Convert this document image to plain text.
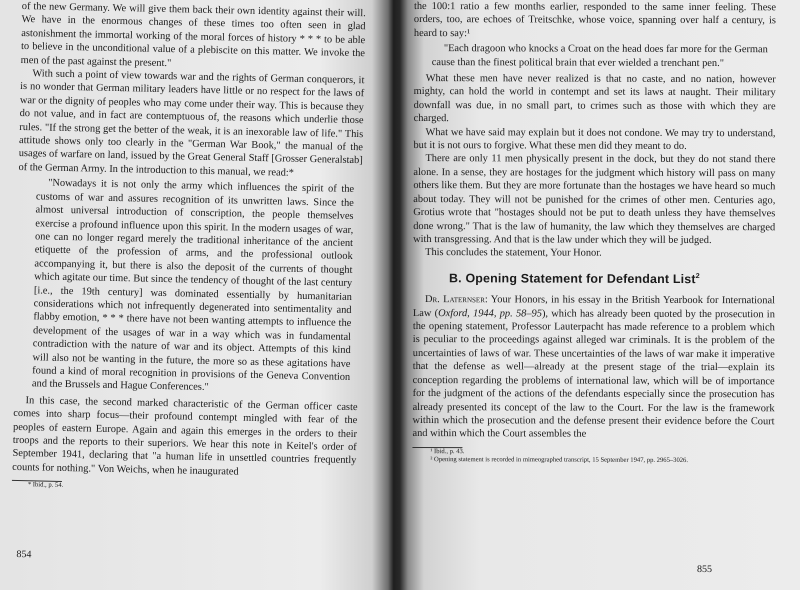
of the new Germany. We will give them back their own identity against their will. We have in the enormous changes of these times too often seen in glad astonishment the immortal working of the moral forces of history * * * to be able to believe in the unconditional value of a plebiscite on this matter. We invoke the men of the past against the present."

With such a point of view towards war and the rights of German conquerors, it is no wonder that German military leaders have little or no respect for the laws of war or the dignity of peoples who may come under their way. This is because they do not value, and in fact are contemptuous of, the reasons which underlie those rules. "If the strong get the better of the weak, it is an inexorable law of life." This attitude shows only too clearly in the "German War Book," the manual of the usages of warfare on land, issued by the Great General Staff [Grosser Generalstab] of the German Army. In the introduction to this manual, we read:*

"Nowadays it is not only the army which influences the spirit of the customs of war and assures recognition of its unwritten laws. Since the almost universal introduction of conscription, the people themselves exercise a profound influence upon this spirit. In the modern usages of war, one can no longer regard merely the traditional inheritance of the ancient etiquette of the profession of arms, and the professional outlook accompanying it, but there is also the deposit of the currents of thought which agitate our time. But since the tendency of thought of the last century [i.e., the 19th century] was dominated essentially by humanitarian considerations which not infrequently degenerated into sentimentality and flabby emotion, * * * there have not been wanting attempts to influence the development of the usages of war in a way which was in fundamental contradiction with the nature of war and its object. Attempts of this kind will also not be wanting in the future, the more so as these agitations have found a kind of moral recognition in provisions of the Geneva Convention and the Brussels and Hague Conferences."

In this case, the second marked characteristic of the German officer caste comes into sharp focus—their profound contempt mingled with fear of the peoples of eastern Europe. Again and again this emerges in the orders to their troops and the reports to their superiors. We hear this note in Keitel's order of September 1941, declaring that "a human life in unsettled countries frequently counts for nothing." Von Weichs, when he inaugurated

* Ibid., p. 54.

854

the 100:1 ratio a few months earlier, responded to the same inner feeling. These orders, too, are echoes of Treitschke, whose voice, spanning over half a century, is heard to say:¹

"Each dragoon who knocks a Croat on the head does far more for the German cause than the finest political brain that ever wielded a trenchant pen."

What these men have never realized is that no caste, and no nation, however mighty, can hold the world in contempt and set its laws at naught. Their military downfall was due, in no small part, to crimes such as those with which they are charged.

What we have said may explain but it does not condone. We may try to understand, but it is not ours to forgive. What these men did they meant to do.

There are only 11 men physically present in the dock, but they do not stand there alone. In a sense, they are hostages for the judgment which history will pass on many others like them. But they are more fortunate than the hostages we have heard so much about today. They will not be punished for the crimes of other men. Centuries ago, Grotius wrote that "hostages should not be put to death unless they have themselves done wrong." That is the law of humanity, the law which they themselves are charged with transgressing. And that is the law under which they will be judged.

This concludes the statement, Your Honor.

B. Opening Statement for Defendant List$^2$

Dr. Laternser: Your Honors, in his essay in the British Yearbook for International Law (Oxford, 1944, pp. 58–95), which has already been quoted by the prosecution in the opening statement, Professor Lauterpacht has made reference to a problem which is peculiar to the proceedings against alleged war criminals. It is the problem of the uncertainties of laws of war. These uncertainties of the laws of war make it imperative that the defense as well—already at the present stage of the trial—explain its conception regarding the problems of international law, which will be of importance for the judgment of the actions of the defendants especially since the prosecution has already presented its concept of the law to the Court. For the law is the framework within which the prosecution and the defense present their evidence before the Court and within which the Court assembles the

¹ Ibid., p. 43.

² Opening statement is recorded in mimeographed transcript, 15 September 1947, pp. 2965–3026.

855
